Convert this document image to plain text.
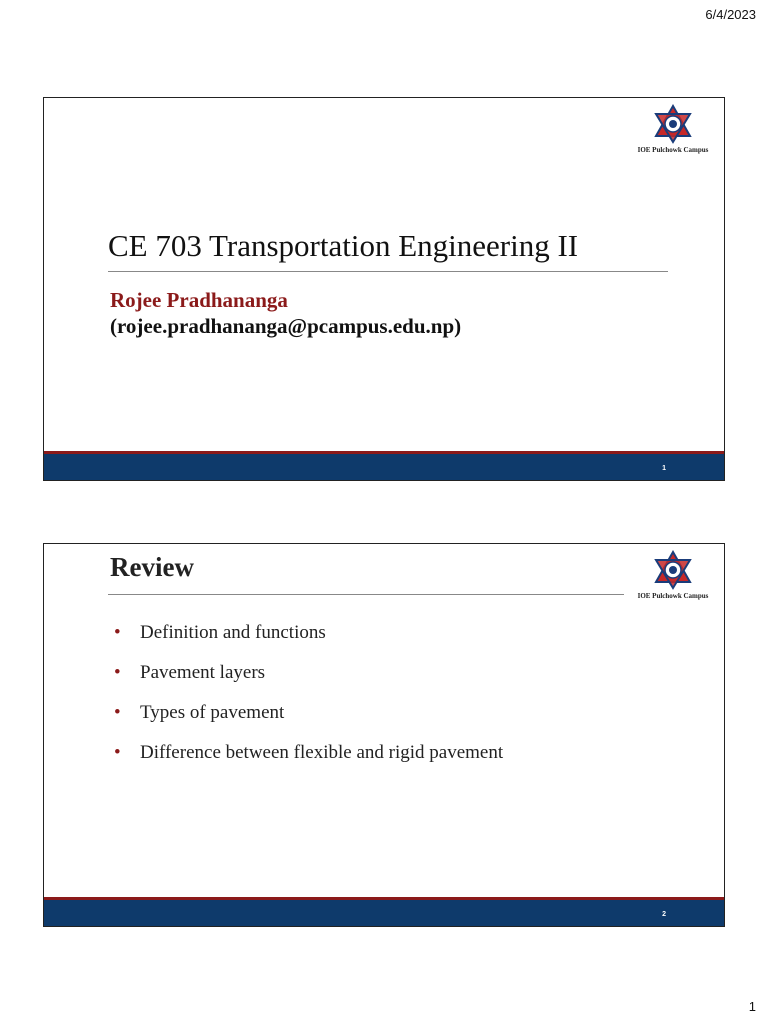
6/4/2023
IOE Pulchowk Campus
CE 703 Transportation Engineering II
Rojee Pradhananga
(rojee.pradhananga@pcampus.edu.np)
1
IOE Pulchowk Campus
Review
• Definition and functions
• Pavement layers
• Types of pavement
• Difference between flexible and rigid pavement
2
1
